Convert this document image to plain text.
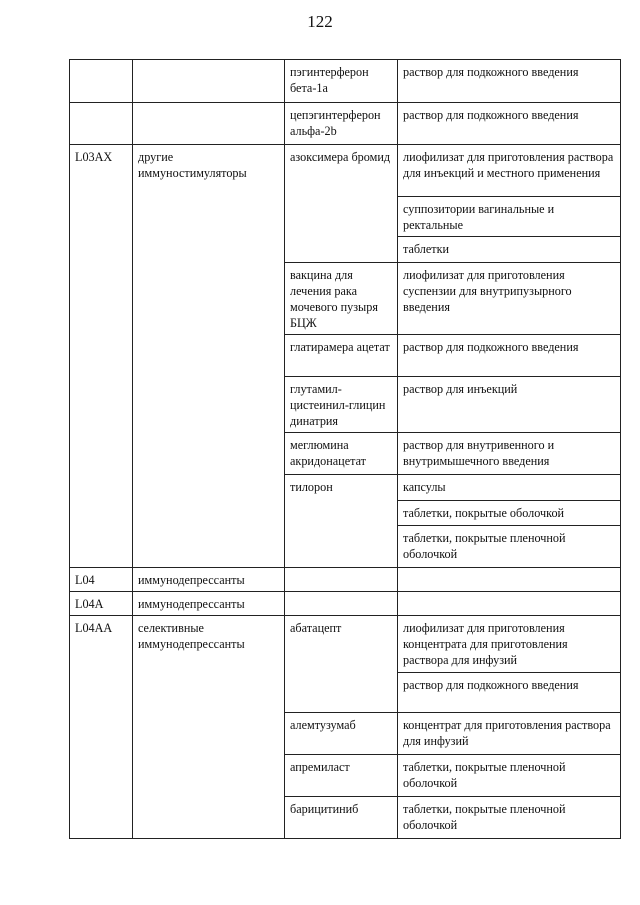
122
		пэгинтерферон бета-1a	раствор для подкожного введения
		цепэгинтерферон альфа-2b	раствор для подкожного введения
L03AX	другие иммуностимуляторы	азоксимера бромид	лиофилизат для приготовления раствора для инъекций и местного применения
			суппозитории вагинальные и ректальные
			таблетки
		вакцина для лечения рака мочевого пузыря БЦЖ	лиофилизат для приготовления суспензии для внутрипузырного введения
		глатирамера ацетат	раствор для подкожного введения
		глутамил-цистеинил-глицин динатрия	раствор для инъекций
		меглюмина акридонацетат	раствор для внутривенного и внутримышечного введения
		тилорон	капсулы
			таблетки, покрытые оболочкой
			таблетки, покрытые пленочной оболочкой
L04	иммунодепрессанты		
L04A	иммунодепрессанты		
L04AA	селективные иммунодепрессанты	абатацепт	лиофилизат для приготовления концентрата для приготовления раствора для инфузий
			раствор для подкожного введения
		алемтузумаб	концентрат для приготовления раствора для инфузий
		апремиласт	таблетки, покрытые пленочной оболочкой
		барицитиниб	таблетки, покрытые пленочной оболочкой
